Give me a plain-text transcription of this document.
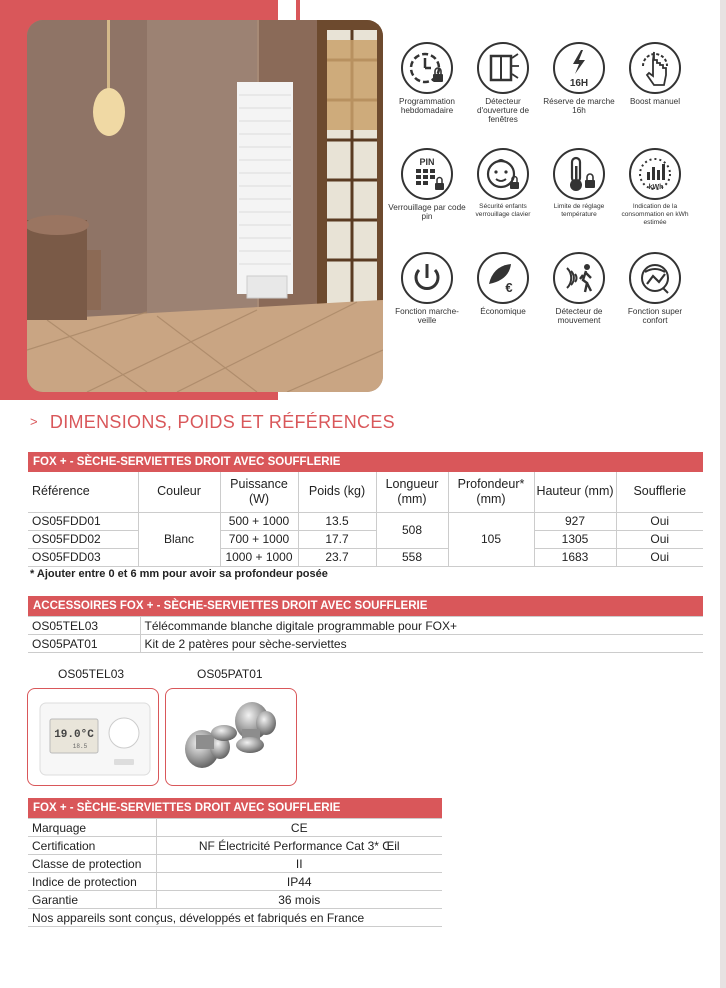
Programmation hebdomadaire
Détecteur d'ouverture de fenêtres
16H
Réserve de marche 16h
Boost manuel
PIN
Verrouillage par code pin
Sécurité enfants verrouillage clavier
Limite de réglage température
kWh
Indication de la consommation en kWh estimée
Fonction marche-veille
€
Économique	Détecteur de mouvement
Fonction super confort
> DIMENSIONS, POIDS ET RÉFÉRENCES
FOX + - SÈCHE-SERVIETTES DROIT AVEC SOUFFLERIE
Référence	Couleur	Puissance (W)	Poids (kg)	Longueur (mm)	Profondeur* (mm)	Hauteur (mm)	Soufflerie
OS05FDD01	Blanc	500 + 1000	13.5	508	105	927	Oui
OS05FDD02		700 + 1000	17.7			1305	Oui
OS05FDD03		1000 + 1000	23.7	558		1683	Oui
* Ajouter entre 0 et 6 mm pour avoir sa profondeur posée
ACCESSOIRES FOX + - SÈCHE-SERVIETTES DROIT AVEC SOUFFLERIE
OS05TEL03	Télécommande blanche digitale programmable pour FOX+
OS05PAT01	Kit de 2 patères pour sèche-serviettes
OS05TEL03	OS05PAT01
19.0°C
18.5
FOX + - SÈCHE-SERVIETTES DROIT AVEC SOUFFLERIE
Marquage	CE
Certification	NF Électricité Performance Cat 3* Œil
Classe de protection	II
Indice de protection	IP44
Garantie	36 mois
Nos appareils sont conçus, développés et fabriqués en France	
